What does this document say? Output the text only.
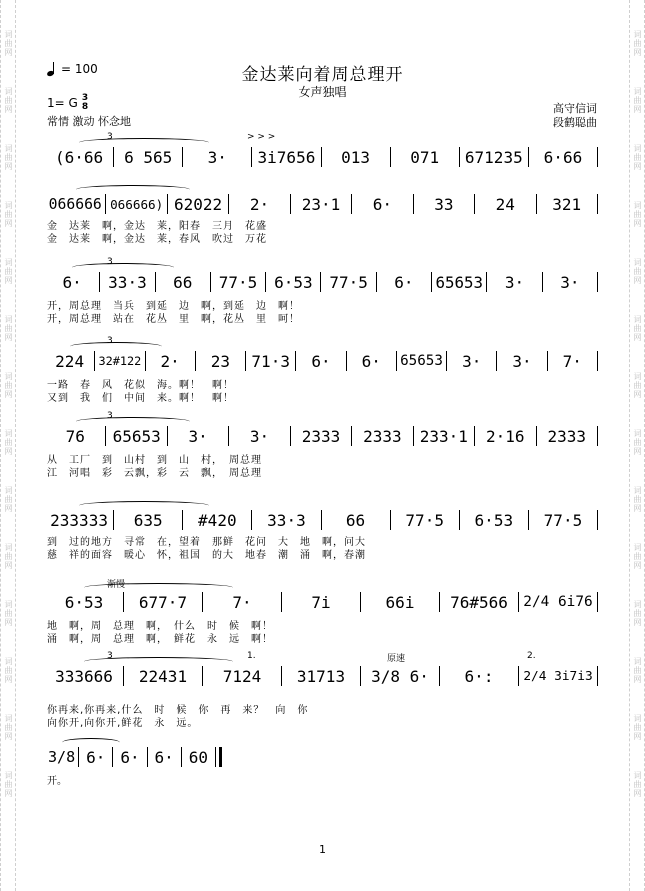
词曲网
词曲网
词曲网
词曲网
词曲网
词曲网
词曲网
词曲网
词曲网
词曲网
词曲网
词曲网
词曲网
词曲网
词曲网
词曲网
词曲网
词曲网
词曲网
词曲网
词曲网
词曲网
词曲网
词曲网
词曲网
词曲网
词曲网
词曲网
= 100	金达莱向着周总理开
女声独唱
1= G 3
8
常情 激动 怀念地
高守信词
段鹤聪曲
(6·66 6 565 3· 3i7656 013	071 671235 6·66
3	> > >
066666 066666) 62022 2· 23·1 6·	33	24 321
金　达莱　啊，金达　莱，阳春　三月　花盛
金　达莱　啊，金达　莱，春风　吹过　万花
6· 33·3 66 77·5 6·53 77·5 6· 65653 3· 3·
3
开，周总理　当兵　到延　边　啊，到延　边　啊！
开，周总理　站在　花丛　里　啊，花丛　里　呵！
224 32#122 2· 23 71·3 6· 6· 65653 3· 3· 7·
3
一路　春　风　花似　海。啊！　啊！
又到　我　们　中间　来。啊！　啊！
76 65653 3·	3· 2333 2333 233·1 2·16 2333
3
从　工厂　到　山村　到　山　村，　周总理
江　河唱　彩　云飘，彩　云　飘，　周总理
233333 635 #420 33·3	66	77·5 6·53 77·5
到　过的地方　寻常　在，望着　那鲜　花问　大　地　啊，问大
慈　祥的面容　暖心　怀，祖国　的大　地春　潮　涌　啊，春潮
6·53 677·7	7·	7i	66i 76#566 2/4 6i76
渐慢
地　啊，周　总理　啊，　什么　时　候　啊！
涌　啊，周　总理　啊，　鲜花　永　远　啊！
333666 22431 7124 31713 3/8 6· 6·: 2/4 3i7i3
3	1.	原速	2.
你再来,你再来,什么　时　候　你　再　来？　向　你
向你开,向你开,鲜花　永　远。
3/8 6· 6· 6· 60
开。
1
